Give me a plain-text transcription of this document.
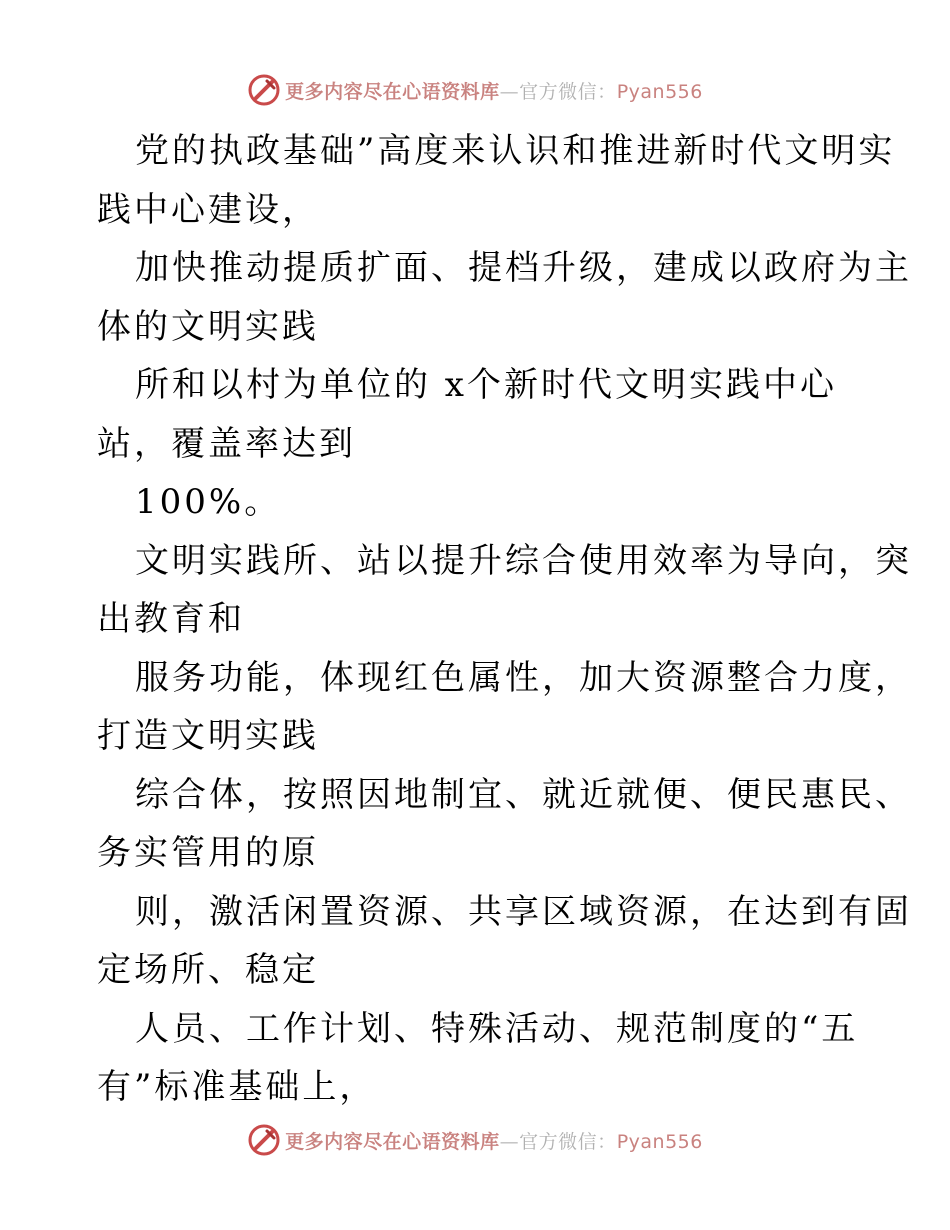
更多内容尽在心语资料库—官方微信：Pyan556

党的执政基础”高度来认识和推进新时代文明实
践中心建设，

加快推动提质扩面、提档升级，建成以政府为主
体的文明实践

所和以村为单位的 x个新时代文明实践中心
站，覆盖率达到

100%。

文明实践所、站以提升综合使用效率为导向，突
出教育和

服务功能，体现红色属性，加大资源整合力度，
打造文明实践

综合体，按照因地制宜、就近就便、便民惠民、
务实管用的原

则，激活闲置资源、共享区域资源，在达到有固
定场所、稳定

人员、工作计划、特殊活动、规范制度的“五
有”标准基础上，

更多内容尽在心语资料库—官方微信：Pyan556
